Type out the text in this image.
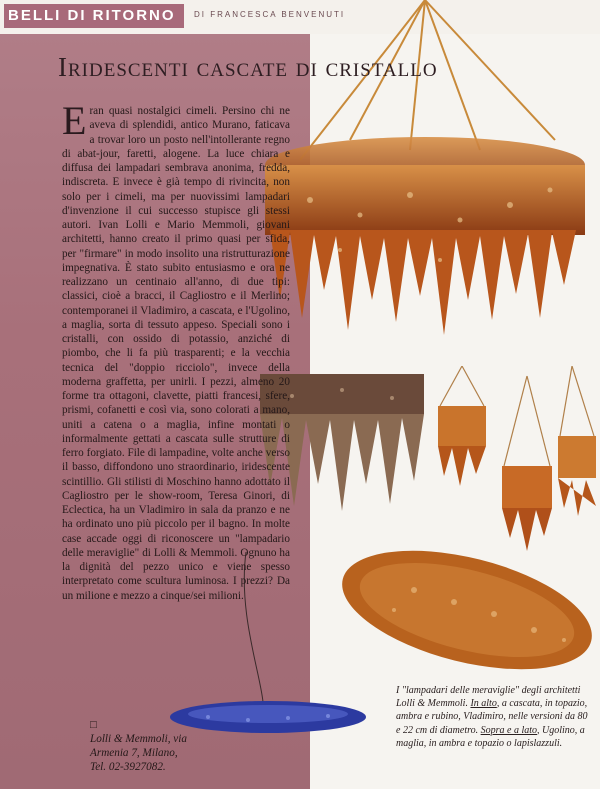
BELLI DI RITORNO	DI FRANCESCA BENVENUTI
Iridescenti cascate di cristallo
Eran quasi nostalgici cimeli. Persino chi ne aveva di splendidi, antico Murano, faticava a trovar loro un posto nell'intollerante regno di abat-jour, faretti, alogene. La luce chiara e diffusa dei lampadari sembrava anonima, fredda, indiscreta. E invece è già tempo di rivincita, non solo per i cimeli, ma per nuovissimi lampadari d'invenzione il cui successo stupisce gli stessi autori. Ivan Lolli e Mario Memmoli, giovani architetti, hanno creato il primo quasi per sfida, per "firmare" in modo insolito una ristrutturazione impegnativa. È stato subito entusiasmo e ora ne realizzano un centinaio all'anno, di due tipi: classici, cioè a bracci, il Cagliostro e il Merlino; contemporanei il Vladimiro, a cascata, e l'Ugolino, a maglia, sorta di tessuto appeso. Speciali sono i cristalli, con ossido di potassio, anziché di piombo, che li fa più trasparenti; e la vecchia tecnica del "doppio ricciolo", invece della moderna graffetta, per unirli. I pezzi, almeno 20 forme tra ottagoni, clavette, piatti francesi, sfere, prismi, cofanetti e così via, sono colorati a mano, uniti a catena o a maglia, infine montati o informalmente gettati a cascata sulle strutture di ferro forgiato. File di lampadine, volte anche verso il basso, diffondono uno straordinario, iridescente scintillio. Gli stilisti di Moschino hanno adottato il Cagliostro per le show-room, Teresa Ginori, di Eclectica, ha un Vladimiro in sala da pranzo e ne ha ordinato uno più piccolo per il bagno. In molte case accade oggi di riconoscere un "lampadario delle meraviglie" di Lolli & Memmoli. Ognuno ha la dignità del pezzo unico e viene spesso interpretato come scultura luminosa. I prezzi? Da un milione e mezzo a cinque/sei milioni.
□
Lolli & Memmoli, via
Armenia 7, Milano,
Tel. 02-3927082.
I "lampadari delle meraviglie" degli architetti Lolli & Memmoli. In alto, a cascata, in topazio, ambra e rubino, Vladimiro, nelle versioni da 80 e 22 cm di diametro. Sopra e a lato, Ugolino, a maglia, in ambra e topazio o lapislazzuli.
